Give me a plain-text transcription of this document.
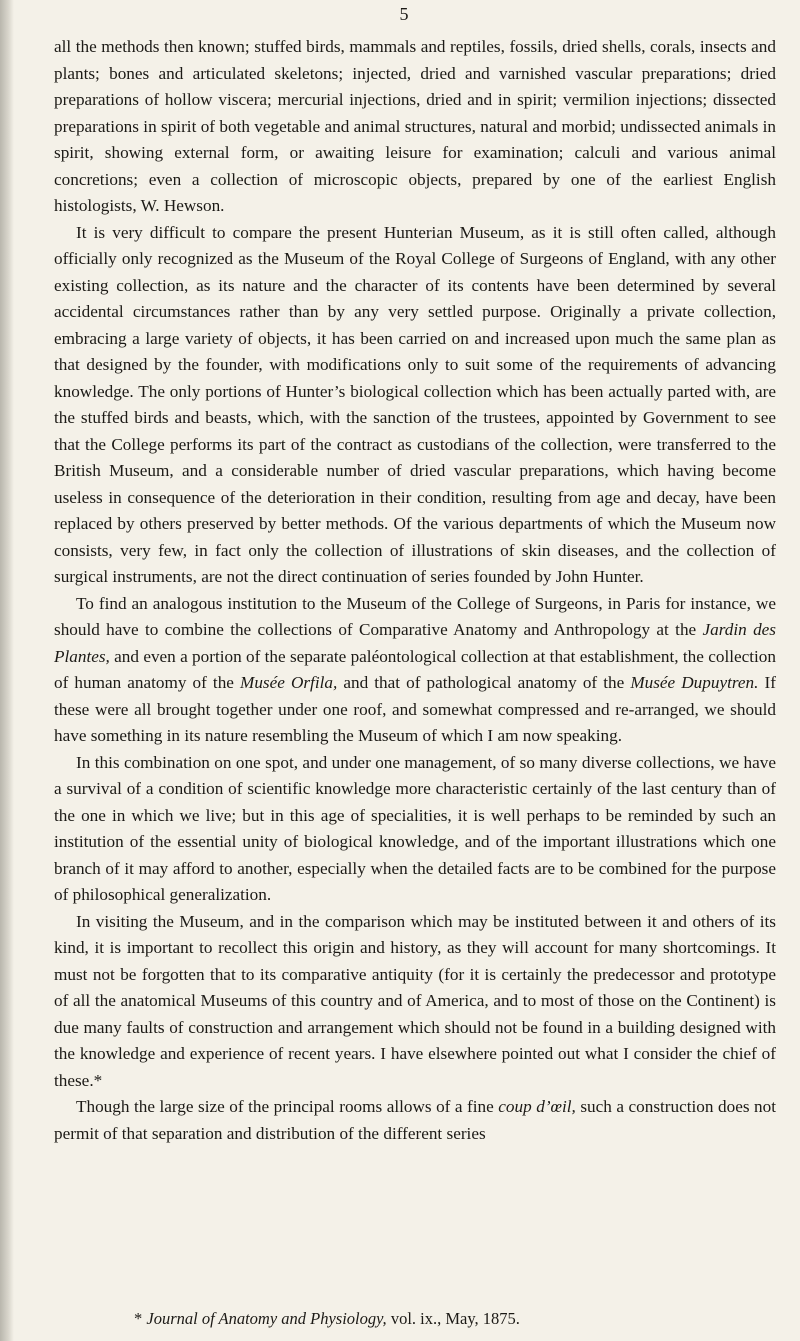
5

all the methods then known; stuffed birds, mammals and reptiles, fossils, dried shells, corals, insects and plants; bones and articulated skeletons; injected, dried and varnished vascular preparations; dried preparations of hollow viscera; mercurial injections, dried and in spirit; vermilion injections; dissected preparations in spirit of both vegetable and animal structures, natural and morbid; undissected animals in spirit, showing external form, or awaiting leisure for examination; calculi and various animal concretions; even a collection of microscopic objects, prepared by one of the earliest English histologists, W. Hewson.

It is very difficult to compare the present Hunterian Museum, as it is still often called, although officially only recognized as the Museum of the Royal College of Surgeons of England, with any other existing collection, as its nature and the character of its contents have been determined by several accidental circumstances rather than by any very settled purpose. Originally a private collection, embracing a large variety of objects, it has been carried on and increased upon much the same plan as that designed by the founder, with modifications only to suit some of the requirements of advancing knowledge. The only portions of Hunter’s biological collection which has been actually parted with, are the stuffed birds and beasts, which, with the sanction of the trustees, appointed by Government to see that the College performs its part of the contract as custodians of the collection, were transferred to the British Museum, and a considerable number of dried vascular preparations, which having become useless in consequence of the deterioration in their condition, resulting from age and decay, have been replaced by others preserved by better methods. Of the various departments of which the Museum now consists, very few, in fact only the collection of illustrations of skin diseases, and the collection of surgical instruments, are not the direct continuation of series founded by John Hunter.

To find an analogous institution to the Museum of the College of Surgeons, in Paris for instance, we should have to combine the collections of Comparative Anatomy and Anthropology at the Jardin des Plantes, and even a portion of the separate paléontological collection at that establishment, the collection of human anatomy of the Musée Orfila, and that of pathological anatomy of the Musée Dupuytren. If these were all brought together under one roof, and somewhat compressed and re-arranged, we should have something in its nature resembling the Museum of which I am now speaking.

In this combination on one spot, and under one management, of so many diverse collections, we have a survival of a condition of scientific knowledge more characteristic certainly of the last century than of the one in which we live; but in this age of specialities, it is well perhaps to be reminded by such an institution of the essential unity of biological knowledge, and of the important illustrations which one branch of it may afford to another, especially when the detailed facts are to be combined for the purpose of philosophical generalization.

In visiting the Museum, and in the comparison which may be instituted between it and others of its kind, it is important to recollect this origin and history, as they will account for many shortcomings. It must not be forgotten that to its comparative antiquity (for it is certainly the predecessor and prototype of all the anatomical Museums of this country and of America, and to most of those on the Continent) is due many faults of construction and arrangement which should not be found in a building designed with the knowledge and experience of recent years. I have elsewhere pointed out what I consider the chief of these.*

Though the large size of the principal rooms allows of a fine coup d’œil, such a construction does not permit of that separation and distribution of the different series

* Journal of Anatomy and Physiology, vol. ix., May, 1875.
